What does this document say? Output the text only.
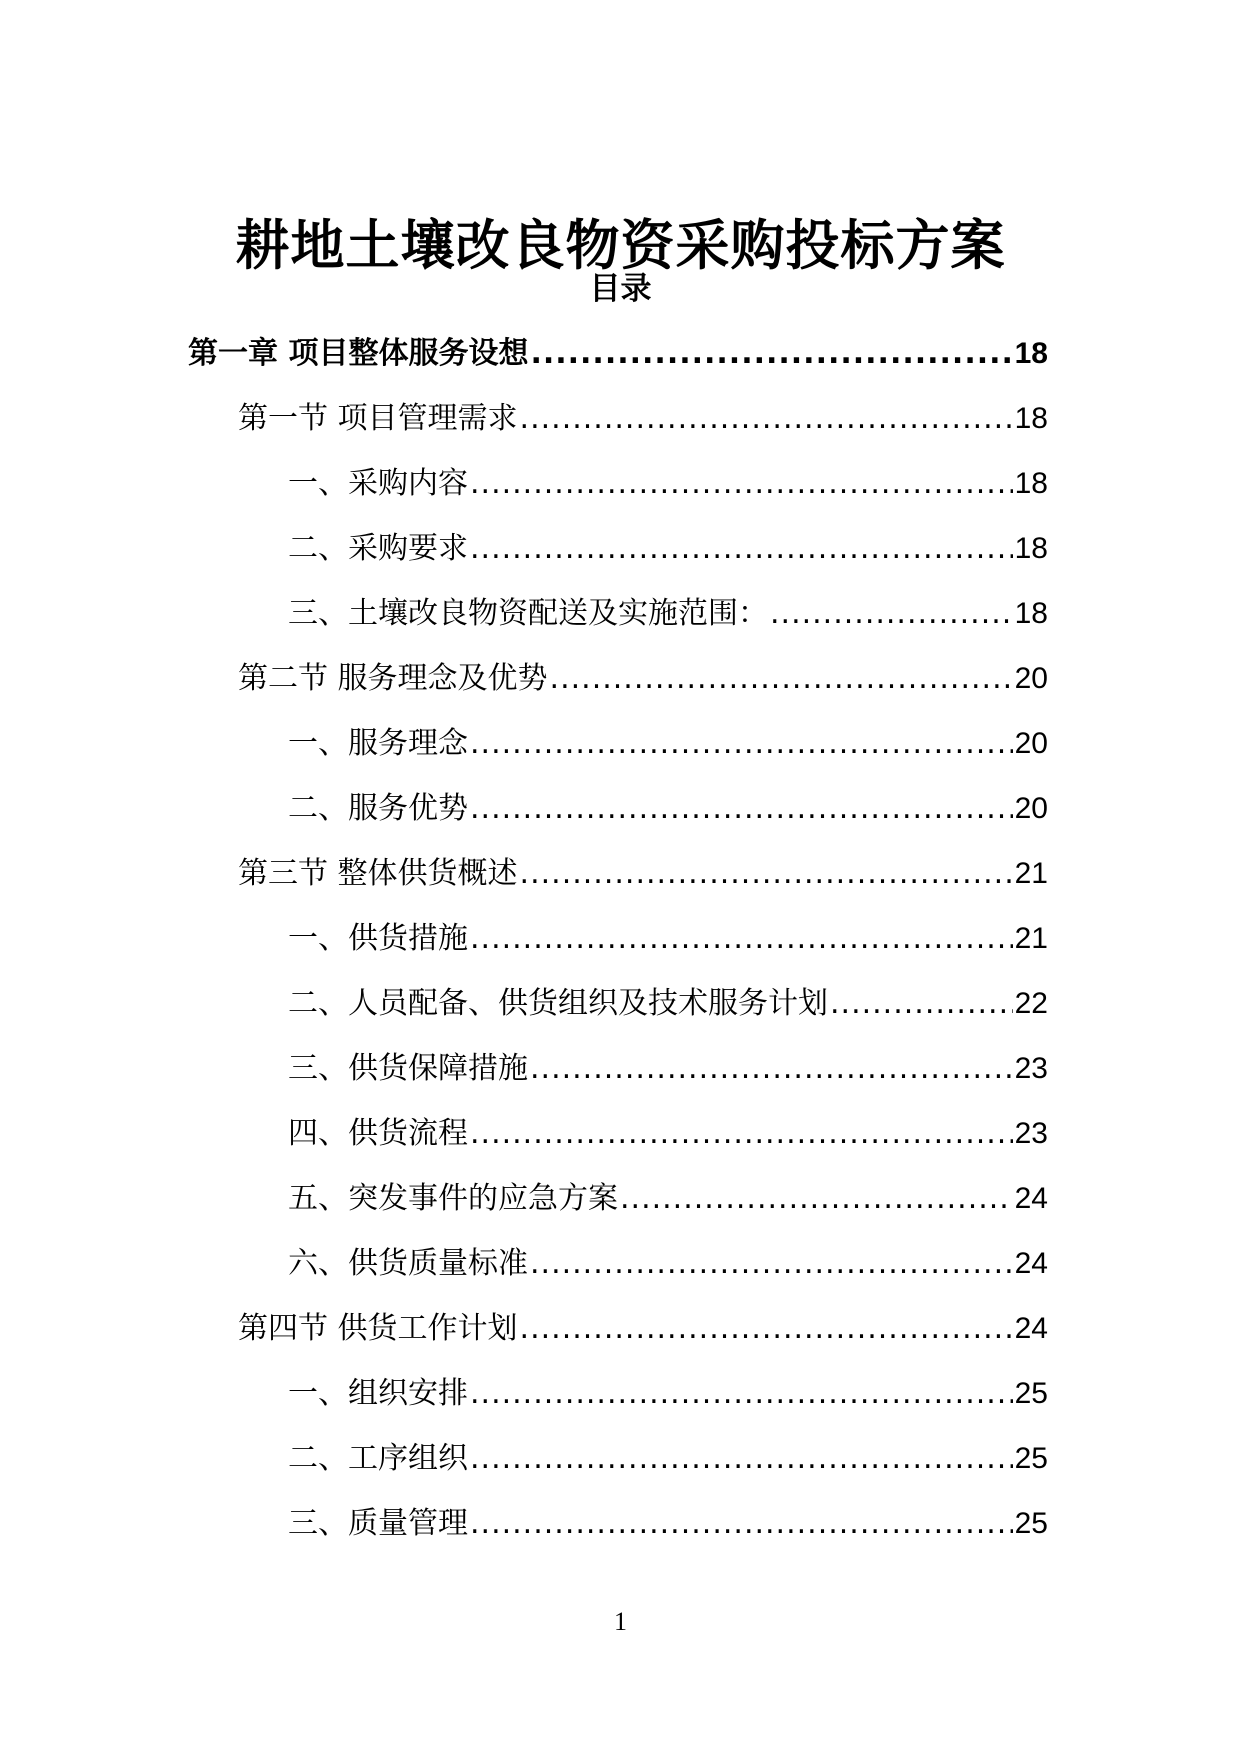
耕地土壤改良物资采购投标方案
目录
第一章 项目整体服务设想 .....	18
第一节 项目管理需求 .....	18
一、采购内容 .....	18
二、采购要求 .....	18
三、土壤改良物资配送及实施范围： .....	18
第二节 服务理念及优势 .....	20
一、服务理念 .....	20
二、服务优势 .....	20
第三节 整体供货概述 .....	21
一、供货措施 .....	21
二、人员配备、供货组织及技术服务计划 .....	22
三、供货保障措施 .....	23
四、供货流程 .....	23
五、突发事件的应急方案 .....	24
六、供货质量标准 .....	24
第四节 供货工作计划 .....	24
一、组织安排 .....	25
二、工序组织 .....	25
三、质量管理 .....	25
1
